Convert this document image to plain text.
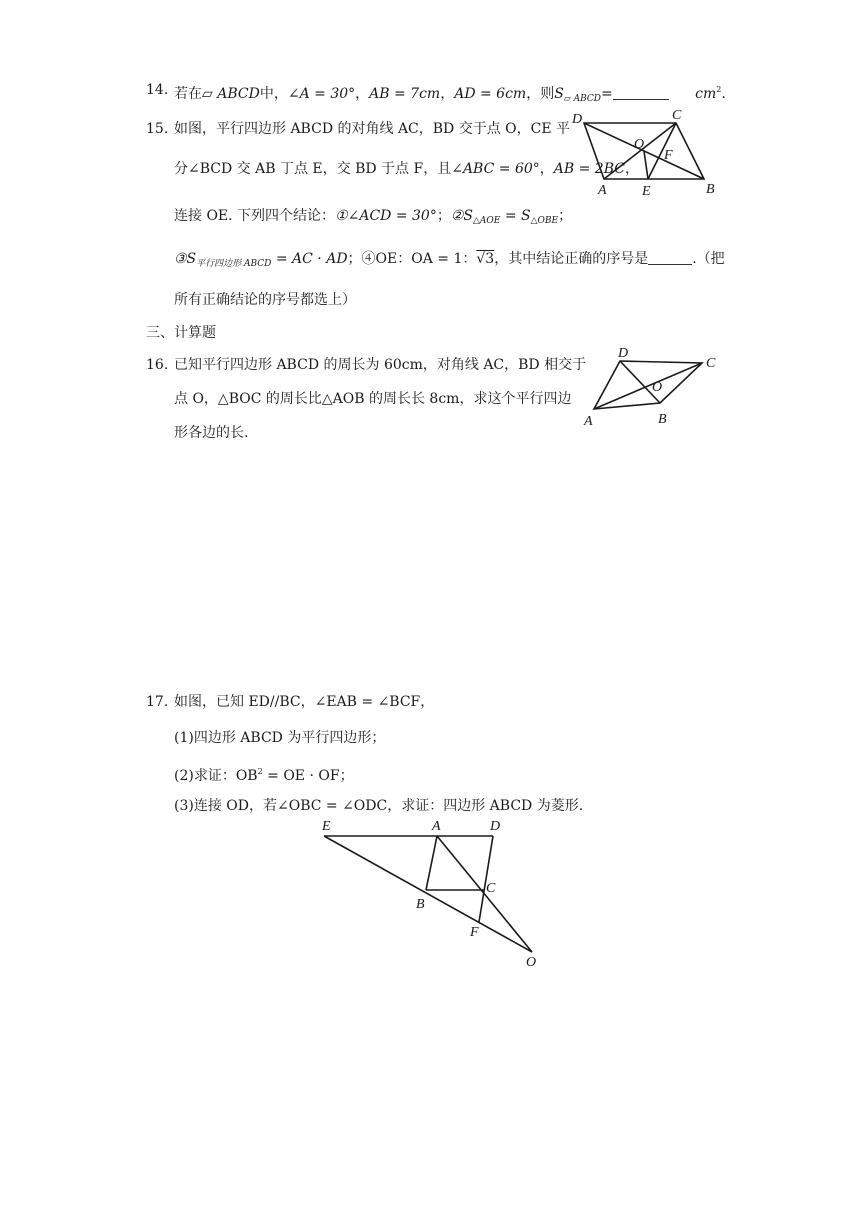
14. 若在▱ ABCD中，∠A = 30°，AB = 7cm，AD = 6cm，则$S_{▱ ABCD}=$	$cm^2$.
15. 如图，平行四边形 ABCD 的对角线 AC，BD 交于点 O，CE 平
分∠BCD 交 AB 丁点 E，交 BD 于点 F，且∠ABC = 60°，AB = 2BC，
连接 OE. 下列四个结论：①∠ACD = 30°；$②S_{\triangle AOE} = S_{\triangle OBE}$；
$③S_{平行四边形 ABCD}$ = AC · AD；④OE：OA = 1：√3，其中结论正确的序号是	.（把
所有正确结论的序号都选上）
D	C
O
F
A	E	B
三、计算题
16. 已知平行四边形 ABCD 的周长为 60cm，对角线 AC，BD 相交于
点 O，△BOC 的周长比△AOB 的周长长 8cm，求这个平行四边
形各边的长.
D
C
O
A	B
17. 如图，已知 ED//BC，∠EAB = ∠BCF，
(1)四边形 ABCD 为平行四边形；
(2)求证：$OB^2$ = OE · OF；
(3)连接 OD，若∠OBC = ∠ODC，求证：四边形 ABCD 为菱形.
E	A	D
C
B
F
O
